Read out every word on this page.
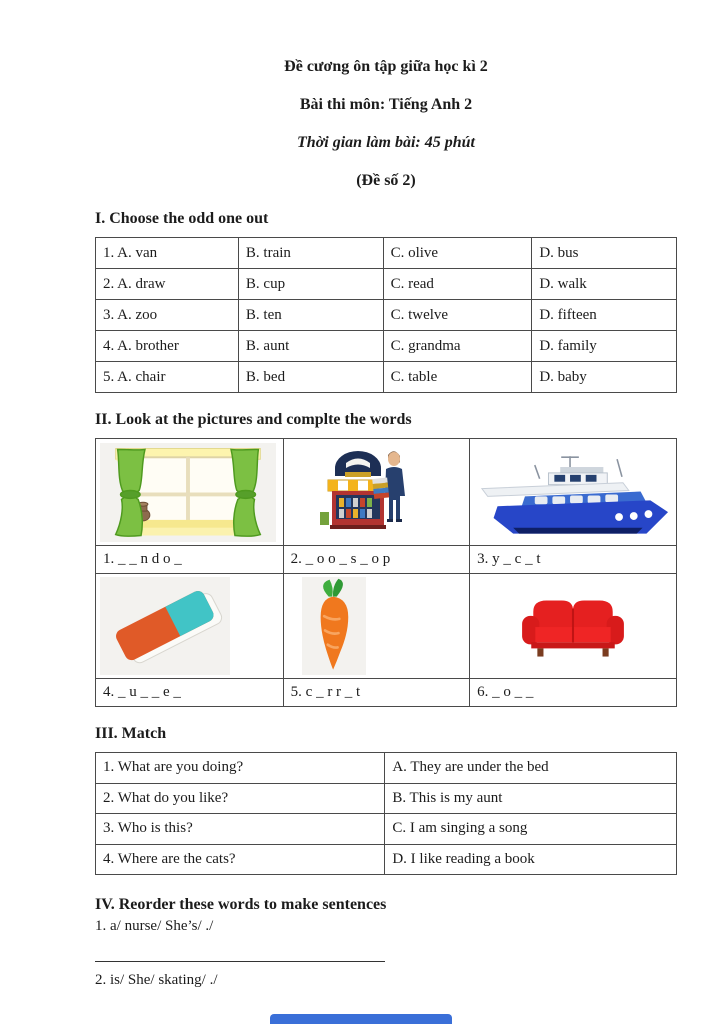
Đề cương ôn tập giữa học kì 2

Bài thi môn: Tiếng Anh 2

Thời gian làm bài: 45 phút

(Đề số 2)

I. Choose the odd one out

1. A. van	B. train	C. olive	D. bus
2. A. draw	B. cup	C. read	D. walk
3. A. zoo	B. ten	C. twelve	D. fifteen
4. A. brother	B. aunt	C. grandma	D. family
5. A. chair	B. bed	C. table	D. baby

II. Look at the pictures and complte the words

1. _ _ n d o _	2. _ o o _ s _ o p	3. y _ c _ t

4. _ u _ _ e _	5. c _ r r _ t	6. _ o _ _

III. Match

1. What are you doing?	A. They are under the bed
2. What do you like?	B. This is my aunt
3. Who is this?	C. I am singing a song
4. Where are the cats?	D. I like reading a book

IV. Reorder these words to make sentences

1. a/ nurse/ She’s/ ./

2. is/ She/ skating/ ./
